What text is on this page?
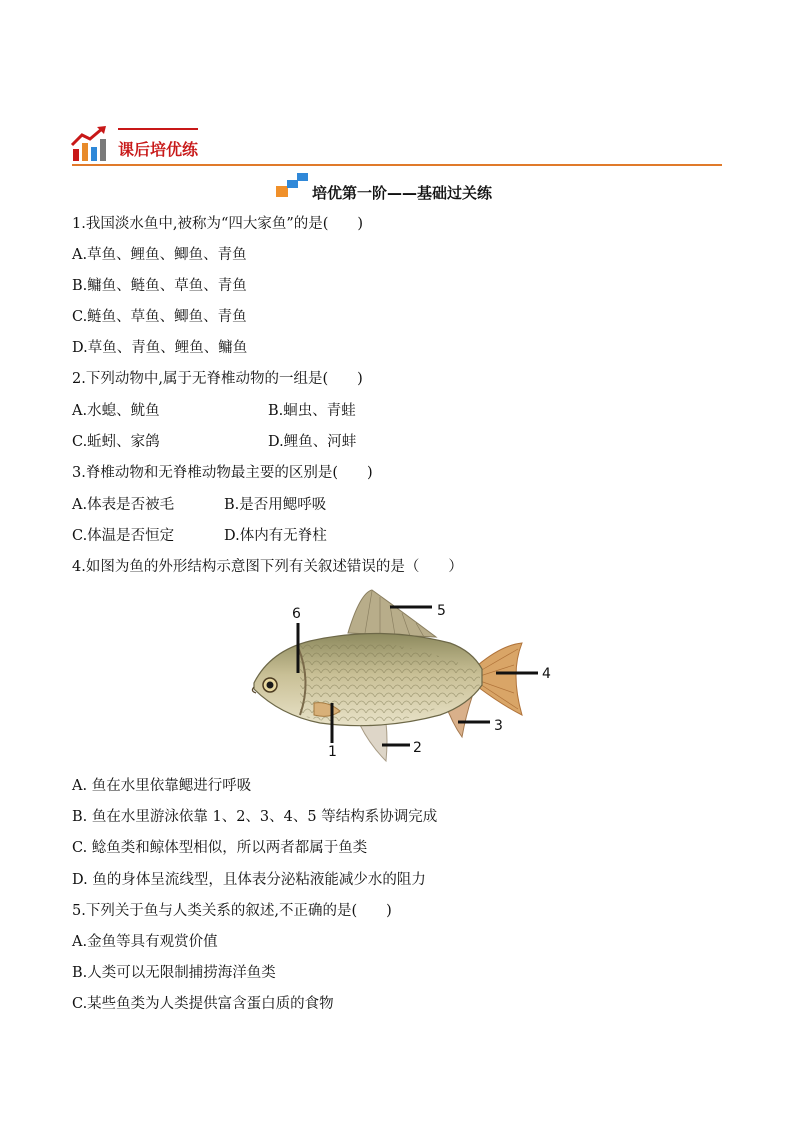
课后培优练
培优第一阶——基础过关练
1.我国淡水鱼中,被称为“四大家鱼”的是(　　)
A.草鱼、鲤鱼、鲫鱼、青鱼
B.鳙鱼、鲢鱼、草鱼、青鱼
C.鲢鱼、草鱼、鲫鱼、青鱼
D.草鱼、青鱼、鲤鱼、鳙鱼
2.下列动物中,属于无脊椎动物的一组是(　　)
A.水螅、鱿鱼	B.蛔虫、青蛙
C.蚯蚓、家鸽	D.鲤鱼、河蚌
3.脊椎动物和无脊椎动物最主要的区别是(　　)
A.体表是否被毛	B.是否用鳃呼吸
C.体温是否恒定	D.体内有无脊柱
4.如图为鱼的外形结构示意图下列有关叙述错误的是（　　）
6	5
4
3
2
1
A. 鱼在水里依靠鳃进行呼吸
B. 鱼在水里游泳依靠 1、2、3、4、5 等结构系协调完成
C. 鲶鱼类和鲸体型相似，所以两者都属于鱼类
D. 鱼的身体呈流线型，且体表分泌粘液能减少水的阻力
5.下列关于鱼与人类关系的叙述,不正确的是(　　)
A.金鱼等具有观赏价值
B.人类可以无限制捕捞海洋鱼类
C.某些鱼类为人类提供富含蛋白质的食物
